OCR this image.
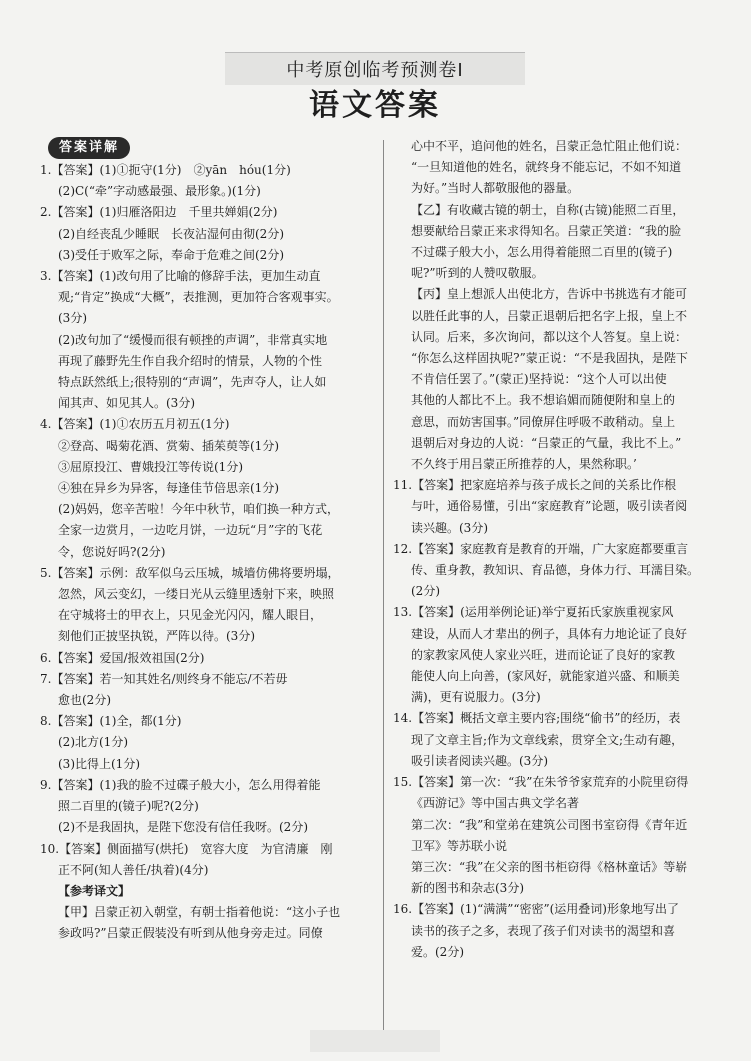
中考原创临考预测卷Ⅰ
语文答案
答案详解

1.【答案】(1)①扼守(1分)　②yān　hóu(1分)

(2)C(“牵”字动感最强、最形象。)(1分)

2.【答案】(1)归雁洛阳边　千里共婵娟(2分)

(2)自经丧乱少睡眠　长夜沾湿何由彻(2分)

(3)受任于败军之际，奉命于危难之间(2分)

3.【答案】(1)改句用了比喻的修辞手法，更加生动直

观;“肯定”换成“大概”，表推测，更加符合客观事实。

(3分)

(2)改句加了“缓慢而很有顿挫的声调”，非常真实地

再现了藤野先生作自我介绍时的情景，人物的个性

特点跃然纸上;很特别的“声调”，先声夺人，让人如

闻其声、如见其人。(3分)

4.【答案】(1)①农历五月初五(1分)

②登高、喝菊花酒、赏菊、插茱萸等(1分)

③屈原投江、曹娥投江等传说(1分)

④独在异乡为异客，每逢佳节倍思亲(1分)

(2)妈妈，您辛苦啦！今年中秋节，咱们换一种方式，

全家一边赏月，一边吃月饼，一边玩“月”字的飞花

令，您说好吗?(2分)

5.【答案】示例：敌军似乌云压城，城墙仿佛将要坍塌，

忽然，风云变幻，一缕日光从云缝里透射下来，映照

在守城将士的甲衣上，只见金光闪闪，耀人眼目，

刻他们正披坚执锐，严阵以待。(3分)

6.【答案】爱国/报效祖国(2分)

7.【答案】若一知其姓名/则终身不能忘/不若毋

愈也(2分)

8.【答案】(1)全，都(1分)

(2)北方(1分)

(3)比得上(1分)

9.【答案】(1)我的脸不过碟子般大小，怎么用得着能

照二百里的(镜子)呢?(2分)

(2)不是我固执，是陛下您没有信任我呀。(2分)

10.【答案】侧面描写(烘托)　宽容大度　为官清廉　刚

正不阿(知人善任/执着)(4分)

【参考译文】

【甲】吕蒙正初入朝堂，有朝士指着他说：“这小子也

参政吗?”吕蒙正假装没有听到从他身旁走过。同僚

心中不平，追问他的姓名，吕蒙正急忙阻止他们说：

“一旦知道他的姓名，就终身不能忘记，不如不知道

为好。”当时人都敬服他的器量。

【乙】有收藏古镜的朝士，自称(古镜)能照二百里，

想要献给吕蒙正来求得知名。吕蒙正笑道：“我的脸

不过碟子般大小，怎么用得着能照二百里的(镜子)

呢?”听到的人赞叹敬服。

【丙】皇上想派人出使北方，告诉中书挑选有才能可

以胜任此事的人，吕蒙正退朝后把名字上报，皇上不

认同。后来，多次询问，都以这个人答复。皇上说：

“你怎么这样固执呢?”蒙正说：“不是我固执，是陛下

不肯信任罢了。”(蒙正)坚持说：“这个人可以出使

其他的人都比不上。我不想谄媚而随便附和皇上的

意思，而妨害国事。”同僚屏住呼吸不敢稍动。皇上

退朝后对身边的人说：“吕蒙正的气量，我比不上。”

不久终于用吕蒙正所推荐的人，果然称职。’

11.【答案】把家庭培养与孩子成长之间的关系比作根

与叶，通俗易懂，引出“家庭教育”论题，吸引读者阅

读兴趣。(3分)

12.【答案】家庭教育是教育的开端，广大家庭都要重言

传、重身教，教知识、育品德，身体力行、耳濡目染。

(2分)

13.【答案】(运用举例论证)举宁夏拓氏家族重视家风

建设，从而人才辈出的例子，具体有力地论证了良好

的家教家风使人家业兴旺，进而论证了良好的家教

能使人向上向善，(家风好，就能家道兴盛、和顺美

满)，更有说服力。(3分)

14.【答案】概括文章主要内容;围绕“偷书”的经历，表

现了文章主旨;作为文章线索，贯穿全文;生动有趣，

吸引读者阅读兴趣。(3分)

15.【答案】第一次：“我”在朱爷爷家荒弃的小院里窃得

《西游记》等中国古典文学名著

第二次：“我”和堂弟在建筑公司图书室窃得《青年近

卫军》等苏联小说

第三次：“我”在父亲的图书柜窃得《格林童话》等崭

新的图书和杂志(3分)

16.【答案】(1)“满满”“密密”(运用叠词)形象地写出了

读书的孩子之多，表现了孩子们对读书的渴望和喜

爱。(2分)
